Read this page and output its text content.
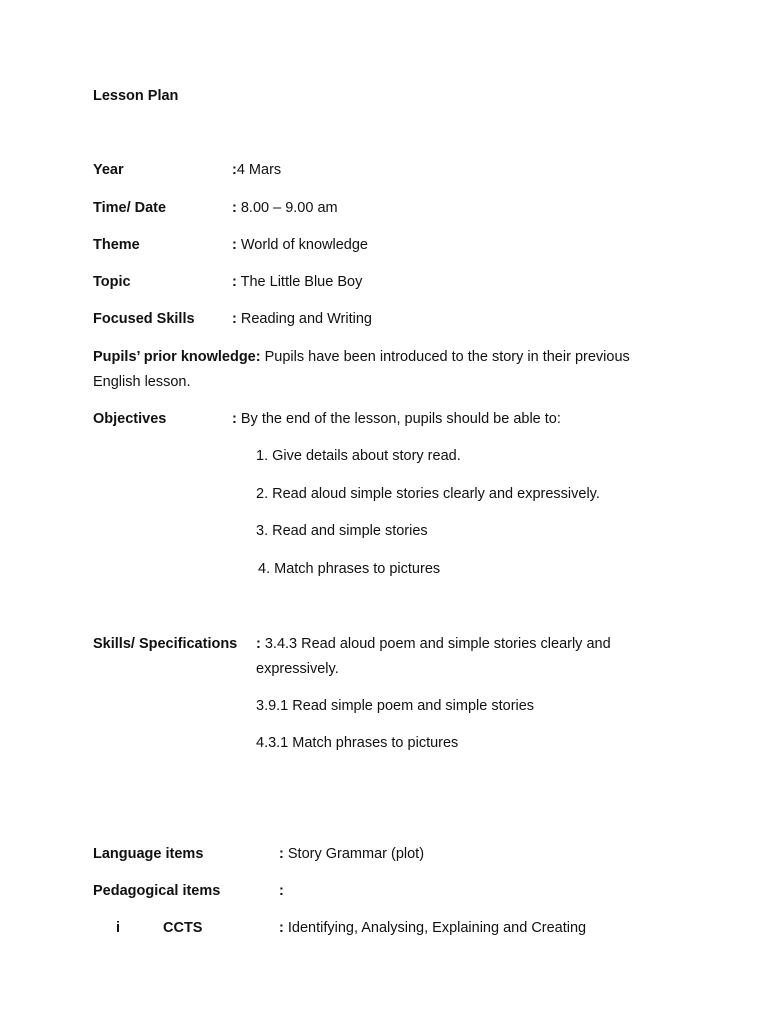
Lesson Plan
Year	:4 Mars
Time/ Date	: 8.00 – 9.00 am
Theme	: World of knowledge
Topic	: The Little Blue Boy
Focused Skills	: Reading and Writing
Pupils’ prior knowledge: Pupils have been introduced to the story in their previous
English lesson.
Objectives	: By the end of the lesson, pupils should be able to:
1. Give details about story read.
2. Read aloud simple stories clearly and expressively.
3. Read and simple stories
4. Match phrases to pictures
Skills/ Specifications : 3.4.3 Read aloud poem and simple stories clearly and
expressively.
3.9.1 Read simple poem and simple stories
4.3.1 Match phrases to pictures
Language items	: Story Grammar (plot)
Pedagogical items	:
i	CCTS	: Identifying, Analysing, Explaining and Creating
